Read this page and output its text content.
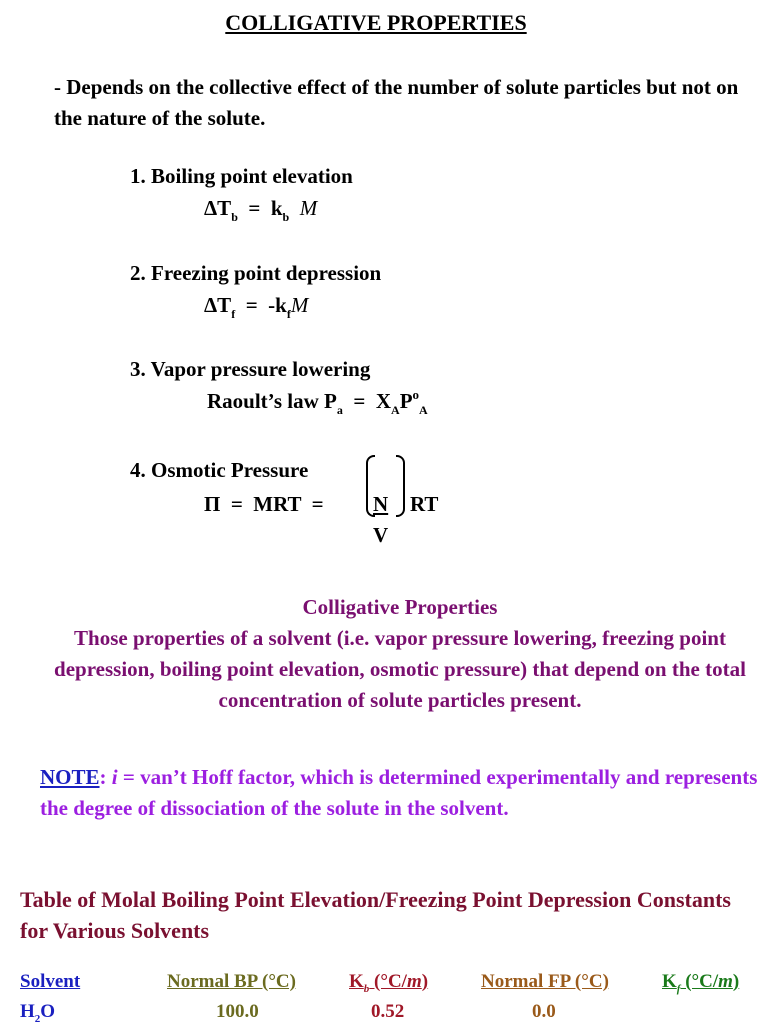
COLLIGATIVE PROPERTIES
- Depends on the collective effect of the number of solute particles but not on the nature of the solute.
1. Boiling point elevation
$\Delta T_b = k_b$ M
2. Freezing point depression
$\Delta T_f = -k_fM$
3. Vapor pressure lowering
Raoult’s law $P_a = X_AP^o_A$
4. Osmotic Pressure
Π  =  MRT  = N
V
RT
Colligative Properties
Those properties of a solvent (i.e. vapor pressure lowering, freezing point depression, boiling point elevation, osmotic pressure) that depend on the total concentration of solute particles present.
NOTE: i = van’t Hoff factor, which is determined experimentally and represents the degree of dissociation of the solute in the solvent.
Table of Molal Boiling Point Elevation/Freezing Point Depression Constants for Various Solvents
Solvent	Normal BP (°C)	$K_b$ (°C/m)	Normal FP (°C)	$K_f$ (°C/m)
$H_2O$	100.0	0.52	0.0
